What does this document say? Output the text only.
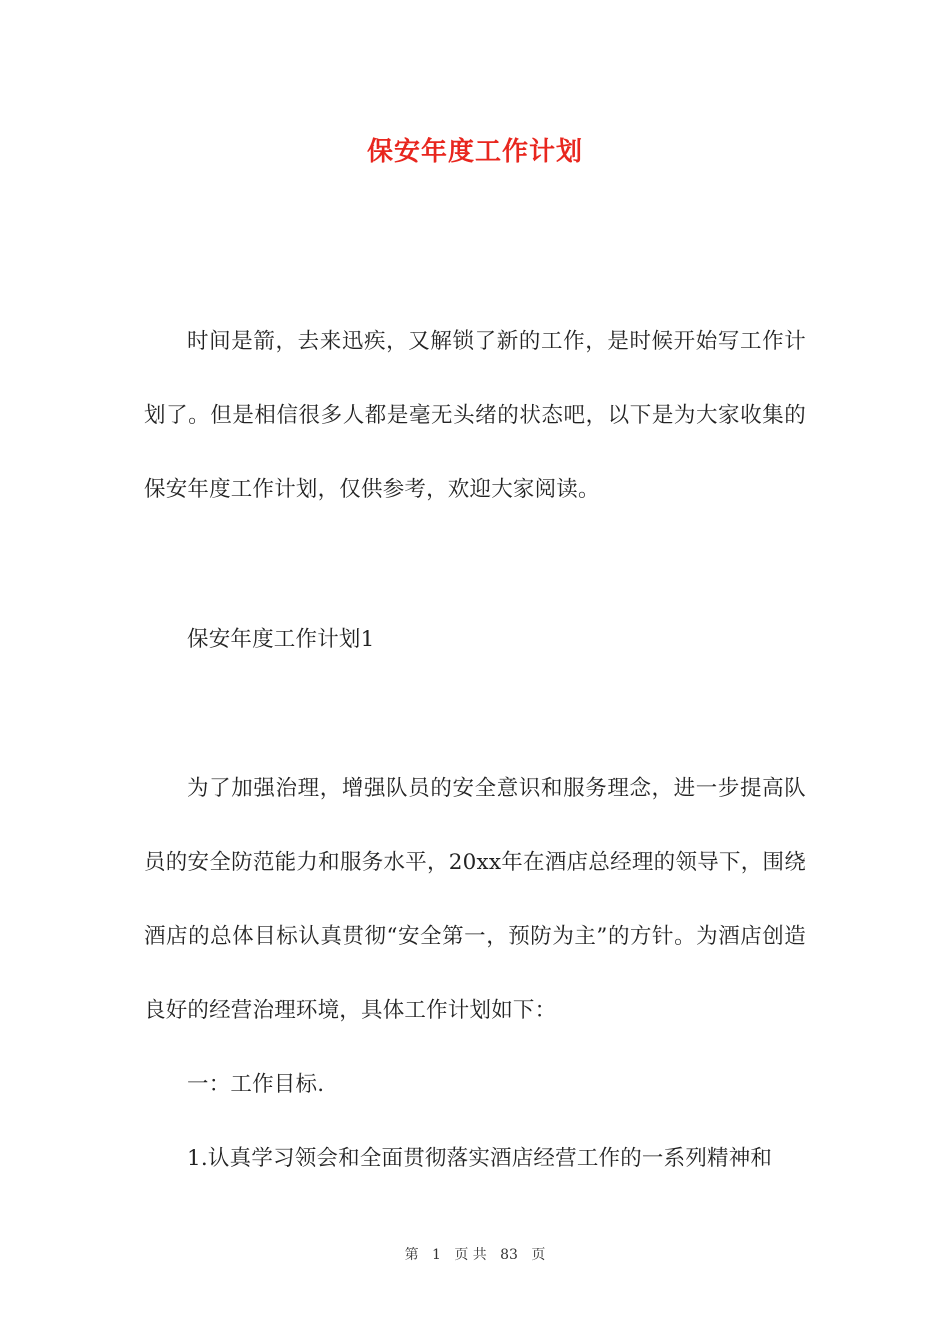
保安年度工作计划

时间是箭，去来迅疾，又解锁了新的工作，是时候开始写工作计划了。但是相信很多人都是毫无头绪的状态吧，以下是为大家收集的保安年度工作计划，仅供参考，欢迎大家阅读。

保安年度工作计划1

为了加强治理，增强队员的安全意识和服务理念，进一步提高队员的安全防范能力和服务水平，20xx年在酒店总经理的领导下，围绕酒店的总体目标认真贯彻“安全第一，预防为主”的方针。为酒店创造良好的经营治理环境，具体工作计划如下：

一：工作目标.

1.认真学习领会和全面贯彻落实酒店经营工作的一系列精神和

第 1 页 共 83 页
